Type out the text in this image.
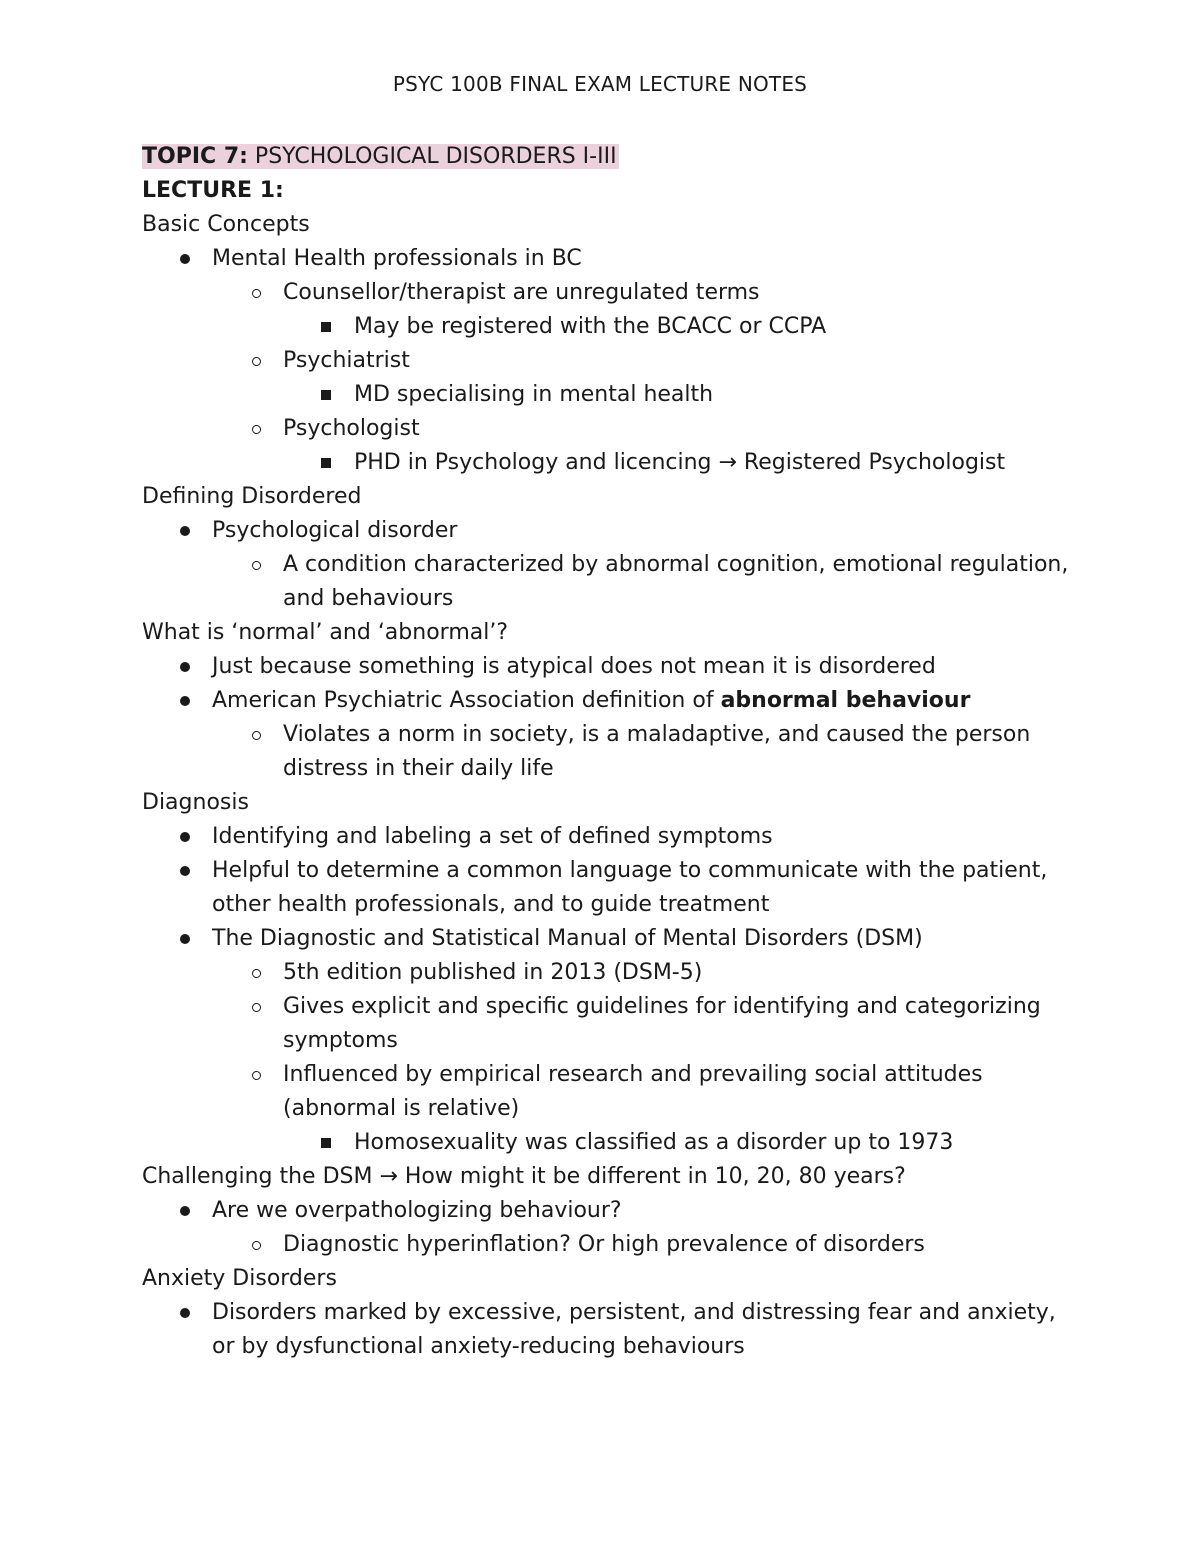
PSYC 100B FINAL EXAM LECTURE NOTES

TOPIC 7: PSYCHOLOGICAL DISORDERS I-III

LECTURE 1:

Basic Concepts

Mental Health professionals in BC

Counsellor/therapist are unregulated terms

May be registered with the BCACC or CCPA

Psychiatrist

MD specialising in mental health

Psychologist

PHD in Psychology and licencing → Registered Psychologist

Defining Disordered

Psychological disorder

A condition characterized by abnormal cognition, emotional regulation,

and behaviours

What is ‘normal’ and ‘abnormal’?

Just because something is atypical does not mean it is disordered

American Psychiatric Association definition of abnormal behaviour

Violates a norm in society, is a maladaptive, and caused the person

distress in their daily life

Diagnosis

Identifying and labeling a set of defined symptoms

Helpful to determine a common language to communicate with the patient,

other health professionals, and to guide treatment

The Diagnostic and Statistical Manual of Mental Disorders (DSM)

5th edition published in 2013 (DSM-5)

Gives explicit and specific guidelines for identifying and categorizing

symptoms

Influenced by empirical research and prevailing social attitudes

(abnormal is relative)

Homosexuality was classified as a disorder up to 1973

Challenging the DSM → How might it be different in 10, 20, 80 years?

Are we overpathologizing behaviour?

Diagnostic hyperinflation? Or high prevalence of disorders

Anxiety Disorders

Disorders marked by excessive, persistent, and distressing fear and anxiety,

or by dysfunctional anxiety-reducing behaviours
